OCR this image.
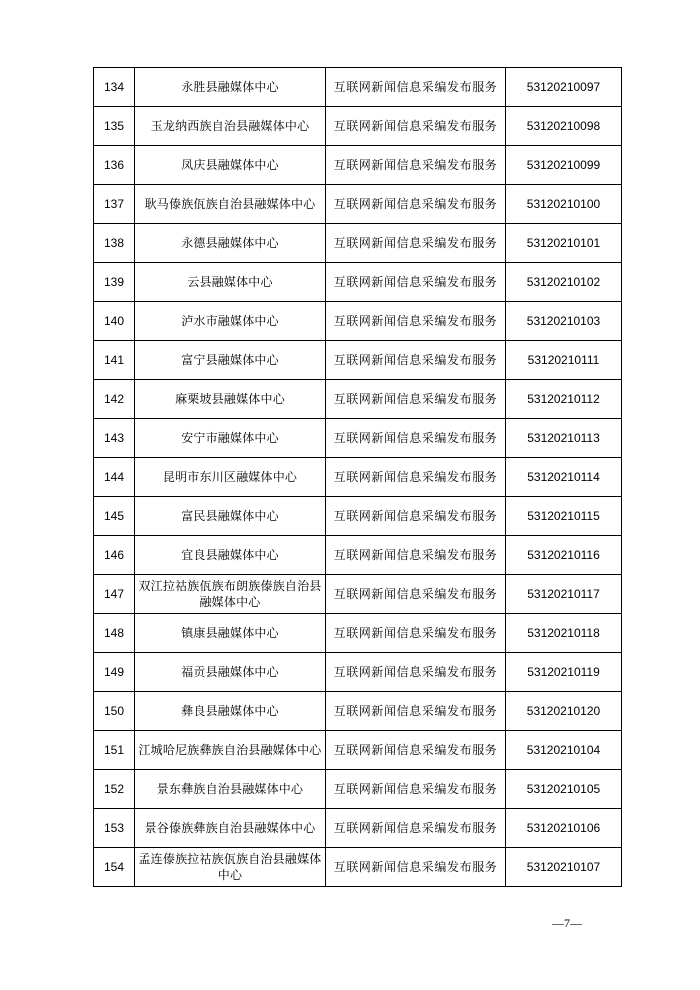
134	永胜县融媒体中心	互联网新闻信息采编发布服务	53120210097
135	玉龙纳西族自治县融媒体中心	互联网新闻信息采编发布服务	53120210098
136	凤庆县融媒体中心	互联网新闻信息采编发布服务	53120210099
137	耿马傣族佤族自治县融媒体中心	互联网新闻信息采编发布服务	53120210100
138	永德县融媒体中心	互联网新闻信息采编发布服务	53120210101
139	云县融媒体中心	互联网新闻信息采编发布服务	53120210102
140	泸水市融媒体中心	互联网新闻信息采编发布服务	53120210103
141	富宁县融媒体中心	互联网新闻信息采编发布服务	53120210111
142	麻栗坡县融媒体中心	互联网新闻信息采编发布服务	53120210112
143	安宁市融媒体中心	互联网新闻信息采编发布服务	53120210113
144	昆明市东川区融媒体中心	互联网新闻信息采编发布服务	53120210114
145	富民县融媒体中心	互联网新闻信息采编发布服务	53120210115
146	宜良县融媒体中心	互联网新闻信息采编发布服务	53120210116
147	双江拉祜族佤族布朗族傣族自治县融媒体中心	互联网新闻信息采编发布服务	53120210117
148	镇康县融媒体中心	互联网新闻信息采编发布服务	53120210118
149	福贡县融媒体中心	互联网新闻信息采编发布服务	53120210119
150	彝良县融媒体中心	互联网新闻信息采编发布服务	53120210120
151	江城哈尼族彝族自治县融媒体中心	互联网新闻信息采编发布服务	53120210104
152	景东彝族自治县融媒体中心	互联网新闻信息采编发布服务	53120210105
153	景谷傣族彝族自治县融媒体中心	互联网新闻信息采编发布服务	53120210106
154	孟连傣族拉祜族佤族自治县融媒体中心	互联网新闻信息采编发布服务	53120210107
—7—
